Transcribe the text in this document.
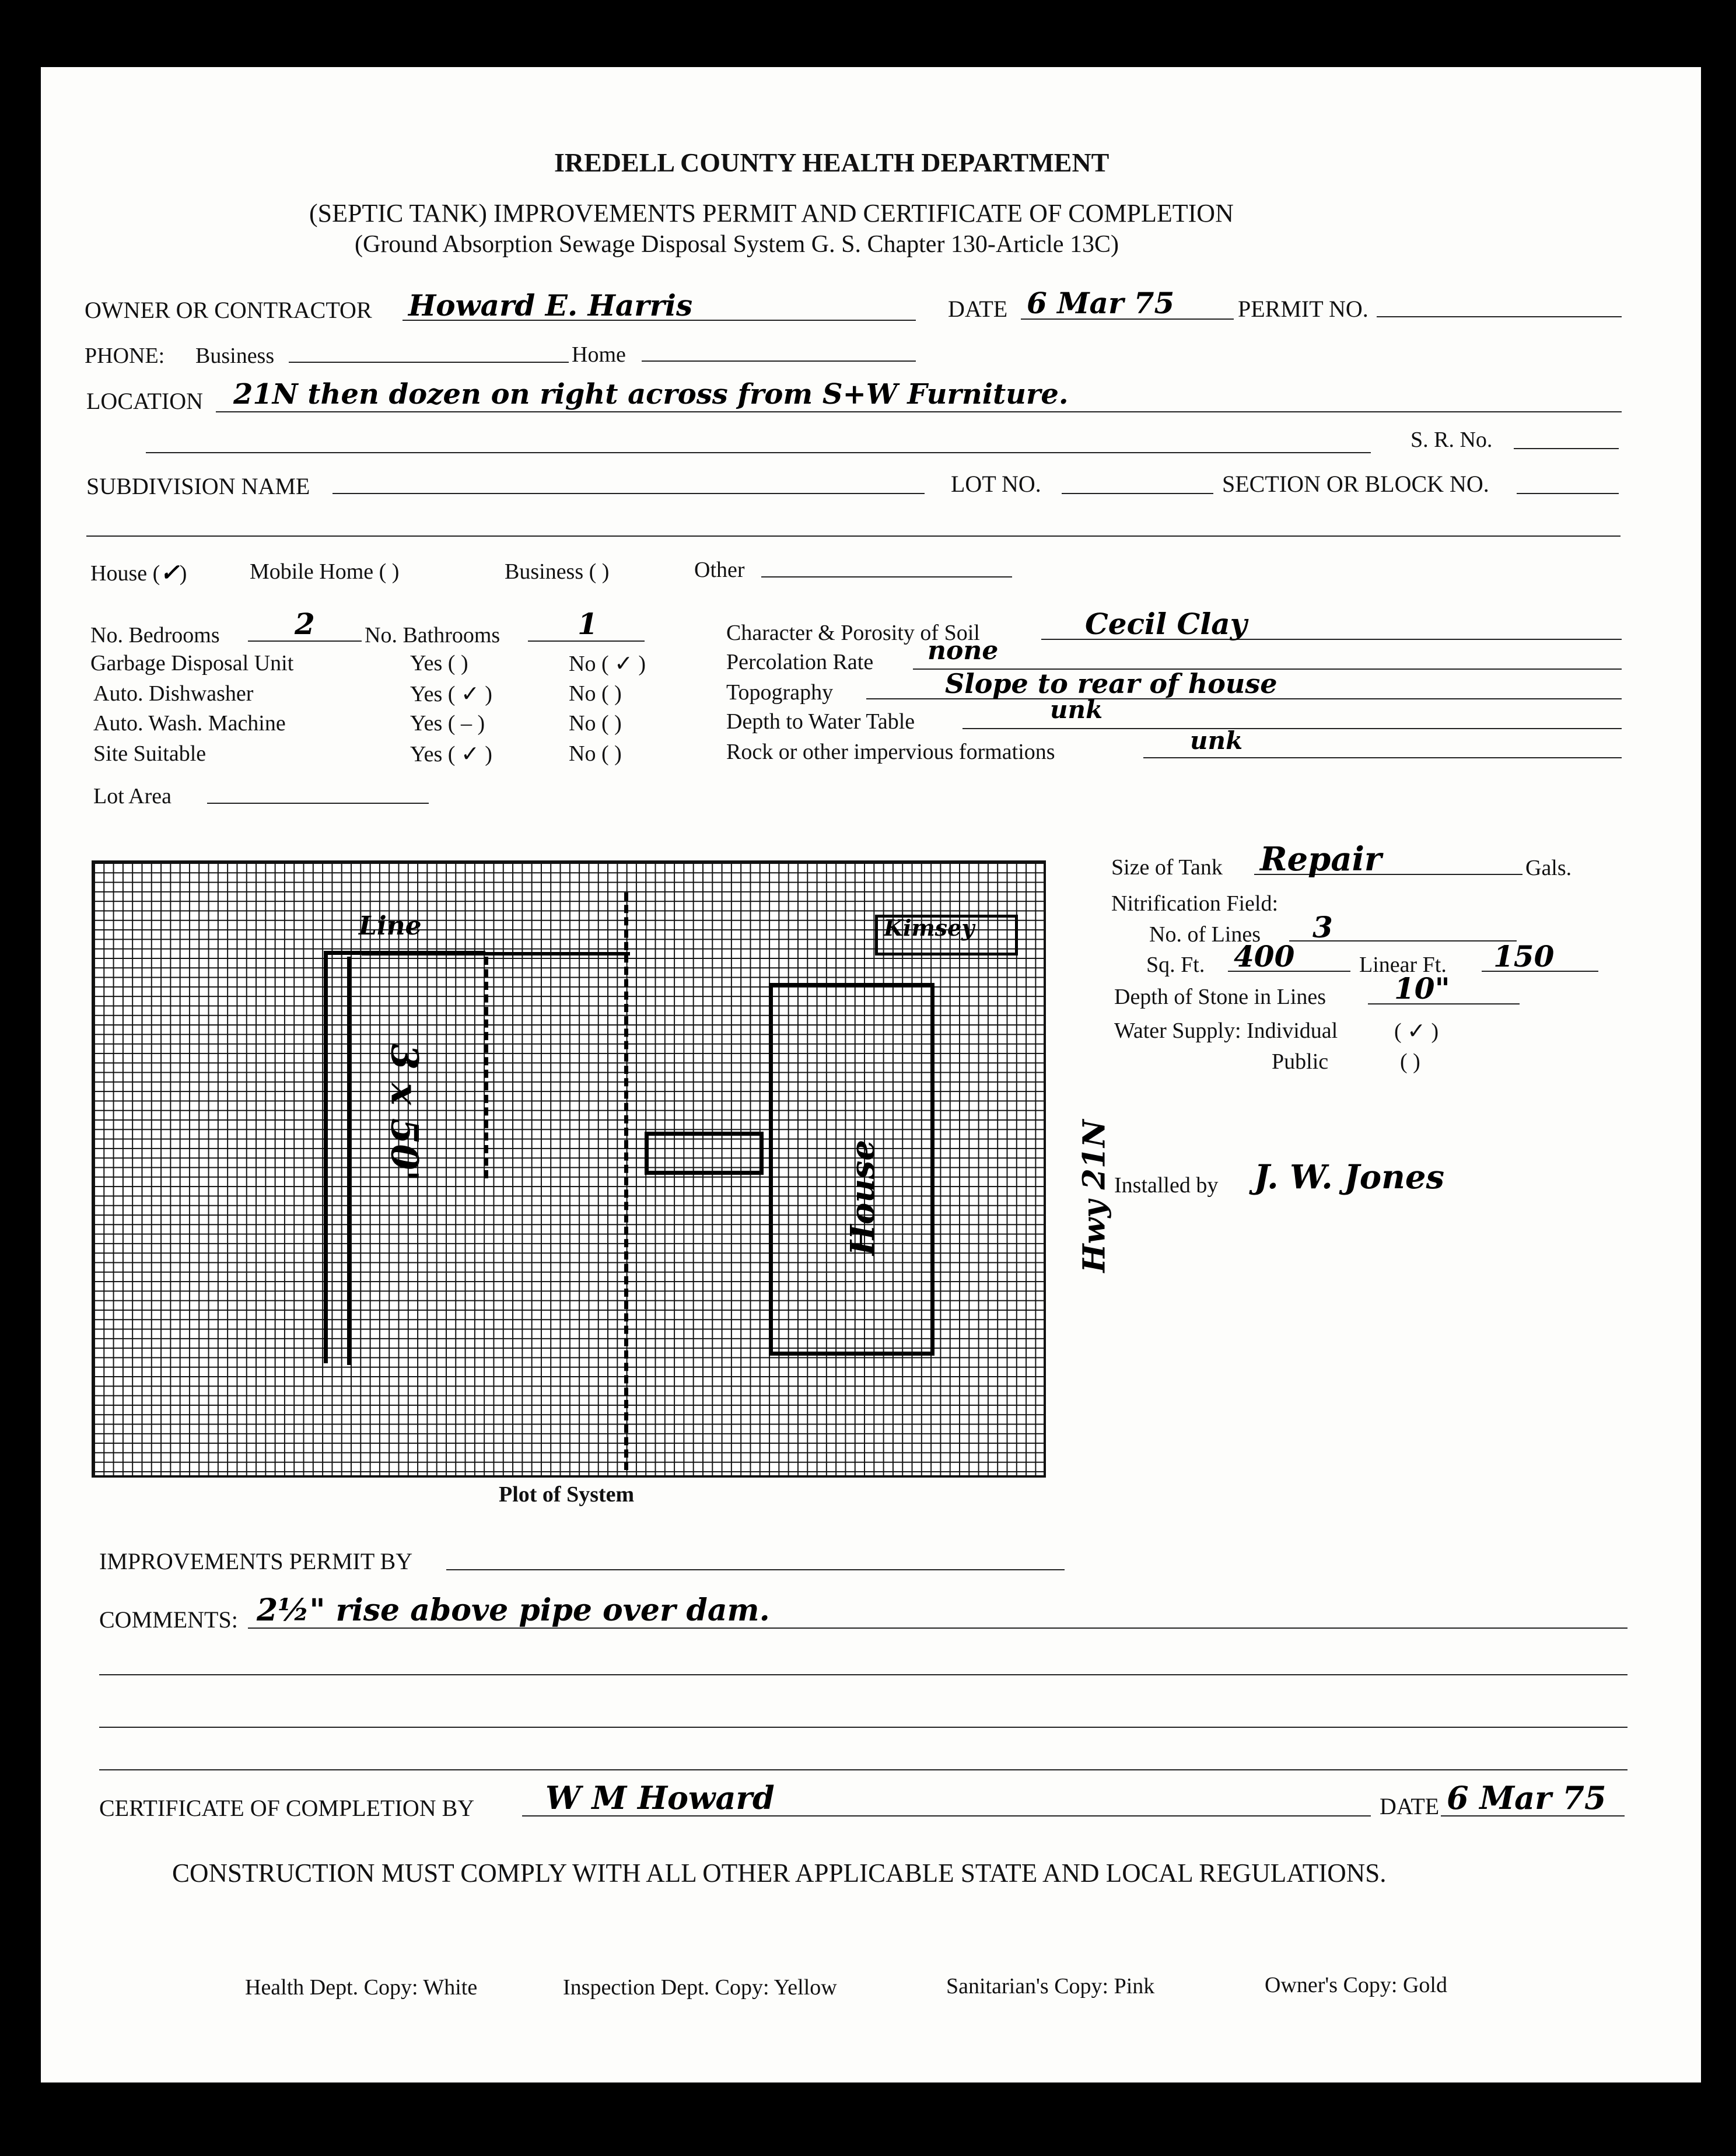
IREDELL COUNTY HEALTH DEPARTMENT
(SEPTIC TANK) IMPROVEMENTS PERMIT AND CERTIFICATE OF COMPLETION
(Ground Absorption Sewage Disposal System G. S. Chapter 130-Article 13C)
OWNER OR CONTRACTOR Howard E. Harris	DATE 6 Mar 75	PERMIT NO.
PHONE: Business	Home
LOCATION 21N then dozen on right across from S+W Furniture.
S. R. No.
SUBDIVISION NAME	LOT NO.	SECTION OR BLOCK NO.
House (✓)	Mobile Home ( )	Business ( )	Other
No. Bedrooms	2 No. Bathrooms	1
Garbage Disposal Unit	Yes ( )	No ( ✓ )
Auto. Dishwasher	Yes ( ✓ )	No ( )
Auto. Wash. Machine	Yes ( – )	No ( )
Site Suitable	Yes ( ✓ )	No ( )
Lot Area
Character & Porosity of Soil	Cecil Clay
Percolation Rate none
Topography	Slope to rear of house
Depth to Water Table	unk
Rock or other impervious formations	unk
3 x 50'
House	Hwy 21N
Line	Kimsey
Plot of System
Size of Tank Repair	Gals.
Nitrification Field:
No. of Lines 3
Sq. Ft. 400	Linear Ft. 150
Depth of Stone in Lines 10"
Water Supply: Individual	( ✓ )
Public	( )
Installed by J. W. Jones
IMPROVEMENTS PERMIT BY
COMMENTS: 2½" rise above pipe over dam.
CERTIFICATE OF COMPLETION BY W M Howard	DATE 6 Mar 75
CONSTRUCTION MUST COMPLY WITH ALL OTHER APPLICABLE STATE AND LOCAL REGULATIONS.
Health Dept. Copy: White	Inspection Dept. Copy: Yellow	Sanitarian's Copy: Pink	Owner's Copy: Gold
